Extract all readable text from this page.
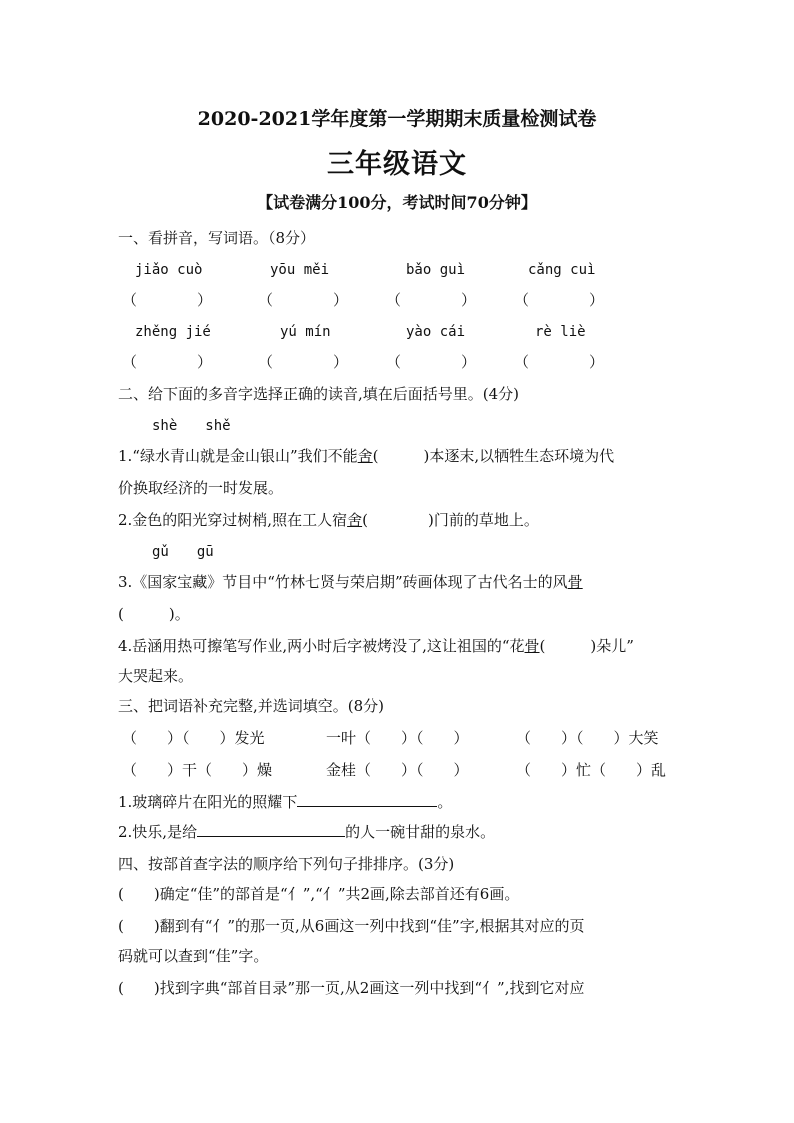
2020-2021学年度第一学期期末质量检测试卷
三年级语文
【试卷满分100分，考试时间70分钟】
一、看拼音，写词语。（8分）
jiǎo cuò	yōu měi	bǎo guì	cǎng cuì
（　　　　）	（　　　　）	（　　　　）	（　　　　）
zhěng jié	yú mín	yào cái	rè liè
（　　　　）	（　　　　）	（　　　　）	（　　　　）
二、给下面的多音字选择正确的读音,填在后面括号里。(4分)
shè　　shě
1.“绿水青山就是金山银山”我们不能舍(　　　)本逐末,以牺牲生态环境为代
价换取经济的一时发展。
2.金色的阳光穿过树梢,照在工人宿舍(　　　　)门前的草地上。
gǔ　　gū
3.《国家宝藏》节目中“竹林七贤与荣启期”砖画体现了古代名士的风骨
(　　　)。
4.岳涵用热可擦笔写作业,两小时后字被烤没了,这让祖国的“花骨(　　　)朵儿”
大哭起来。
三、把词语补充完整,并选词填空。(8分)
（　　）（　　）发光	一叶（　　）（　　）	（　　）（　　）大笑
（　　）干（　　）燥	金桂（　　）（　　）	（　　）忙（　　）乱
1.玻璃碎片在阳光的照耀下	。
2.快乐,是给	的人一碗甘甜的泉水。
四、按部首查字法的顺序给下列句子排排序。(3分)
(　　)确定“佳”的部首是“亻”,“亻”共2画,除去部首还有6画。
(　　)翻到有“亻”的那一页,从6画这一列中找到“佳”字,根据其对应的页
码就可以查到“佳”字。
(　　)找到字典“部首目录”那一页,从2画这一列中找到“亻”,找到它对应
